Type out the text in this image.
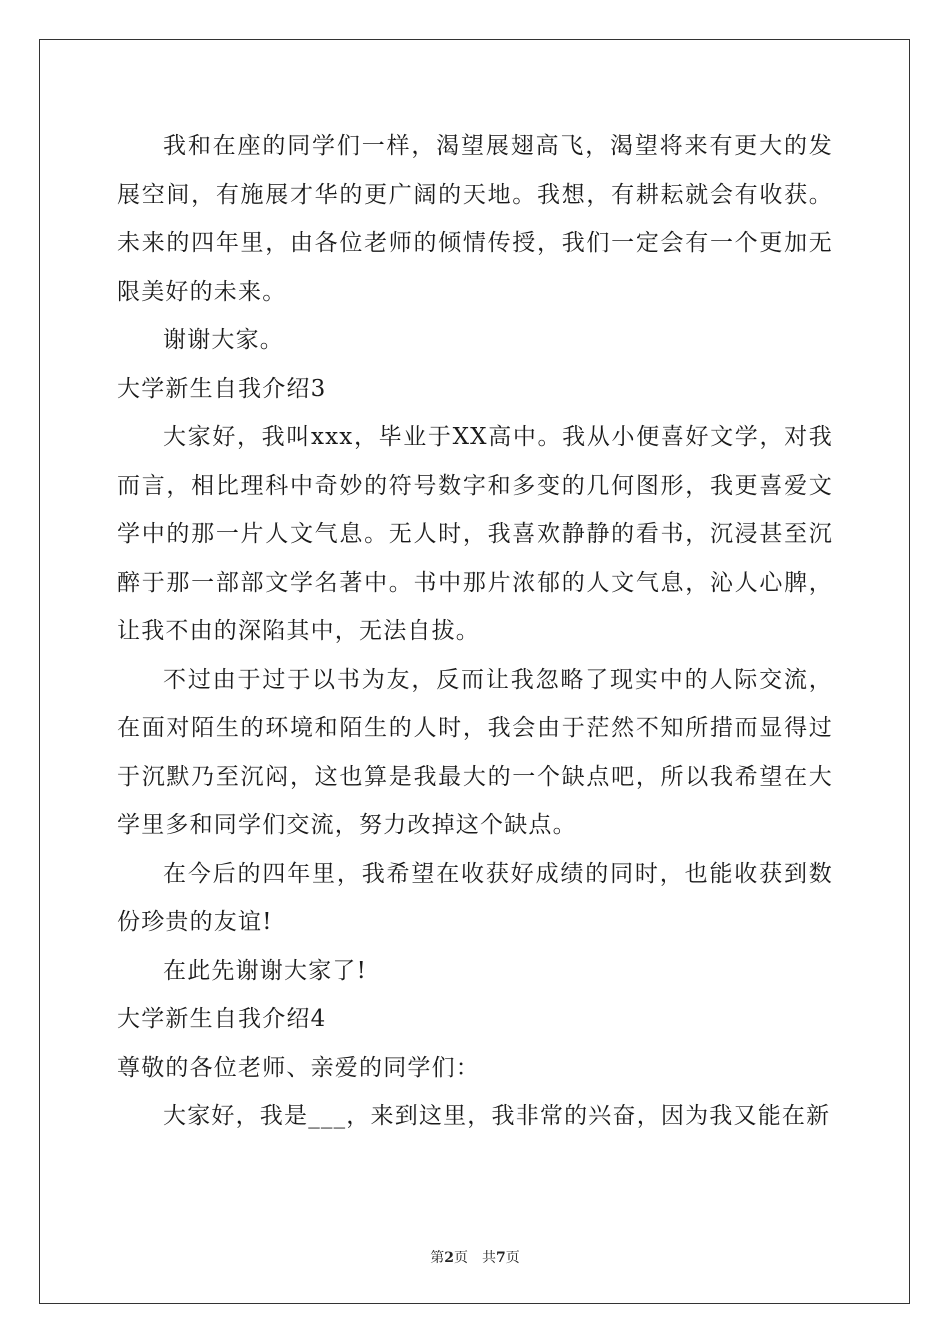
我和在座的同学们一样，渴望展翅高飞，渴望将来有更大的发展空间，有施展才华的更广阔的天地。我想，有耕耘就会有收获。未来的四年里，由各位老师的倾情传授，我们一定会有一个更加无限美好的未来。

谢谢大家。

大学新生自我介绍3

大家好，我叫xxx，毕业于XX高中。我从小便喜好文学，对我而言，相比理科中奇妙的符号数字和多变的几何图形，我更喜爱文学中的那一片人文气息。无人时，我喜欢静静的看书，沉浸甚至沉醉于那一部部文学名著中。书中那片浓郁的人文气息，沁人心脾，让我不由的深陷其中，无法自拔。

不过由于过于以书为友，反而让我忽略了现实中的人际交流，在面对陌生的环境和陌生的人时，我会由于茫然不知所措而显得过于沉默乃至沉闷，这也算是我最大的一个缺点吧，所以我希望在大学里多和同学们交流，努力改掉这个缺点。

在今后的四年里，我希望在收获好成绩的同时，也能收获到数份珍贵的友谊!

在此先谢谢大家了!

大学新生自我介绍4

尊敬的各位老师、亲爱的同学们：

大家好，我是___，来到这里，我非常的兴奋，因为我又能在新

第2页　共7页
